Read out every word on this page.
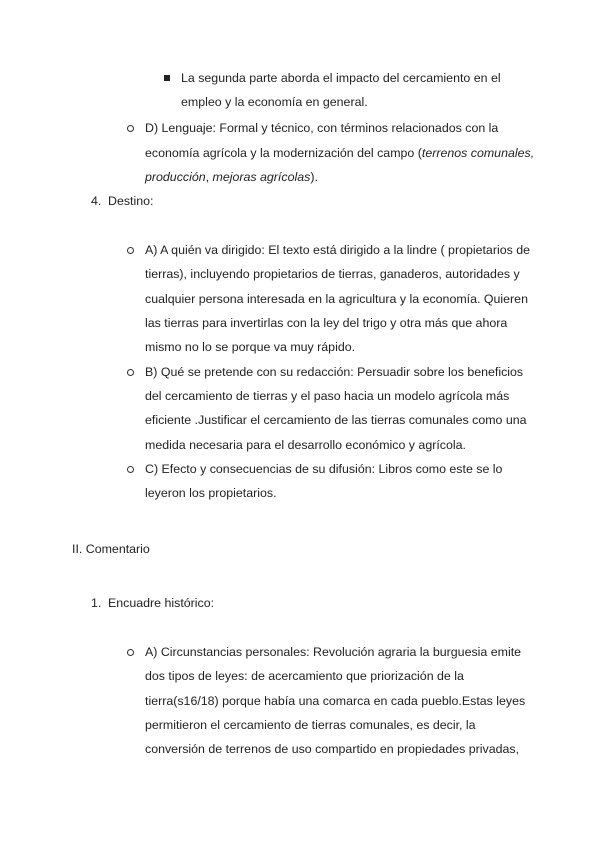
La segunda parte aborda el impacto del cercamiento en el
empleo y la economía en general.
D) Lenguaje: Formal y técnico, con términos relacionados con la
economía agrícola y la modernización del campo (terrenos comunales,
producción, mejoras agrícolas).
4. Destino:
A) A quién va dirigido: El texto está dirigido a la lindre ( propietarios de
tierras), incluyendo propietarios de tierras, ganaderos, autoridades y
cualquier persona interesada en la agricultura y la economía. Quieren
las tierras para invertirlas con la ley del trigo y otra más que ahora
mismo no lo se porque va muy rápido.
B) Qué se pretende con su redacción: Persuadir sobre los beneficios
del cercamiento de tierras y el paso hacia un modelo agrícola más
eficiente .Justificar el cercamiento de las tierras comunales como una
medida necesaria para el desarrollo económico y agrícola.
C) Efecto y consecuencias de su difusión: Libros como este se lo
leyeron los propietarios.
II. Comentario
1. Encuadre histórico:
A) Circunstancias personales: Revolución agraria la burguesia emite
dos tipos de leyes: de acercamiento que priorización de la
tierra(s16/18) porque había una comarca en cada pueblo.Estas leyes
permitieron el cercamiento de tierras comunales, es decir, la
conversión de terrenos de uso compartido en propiedades privadas,
